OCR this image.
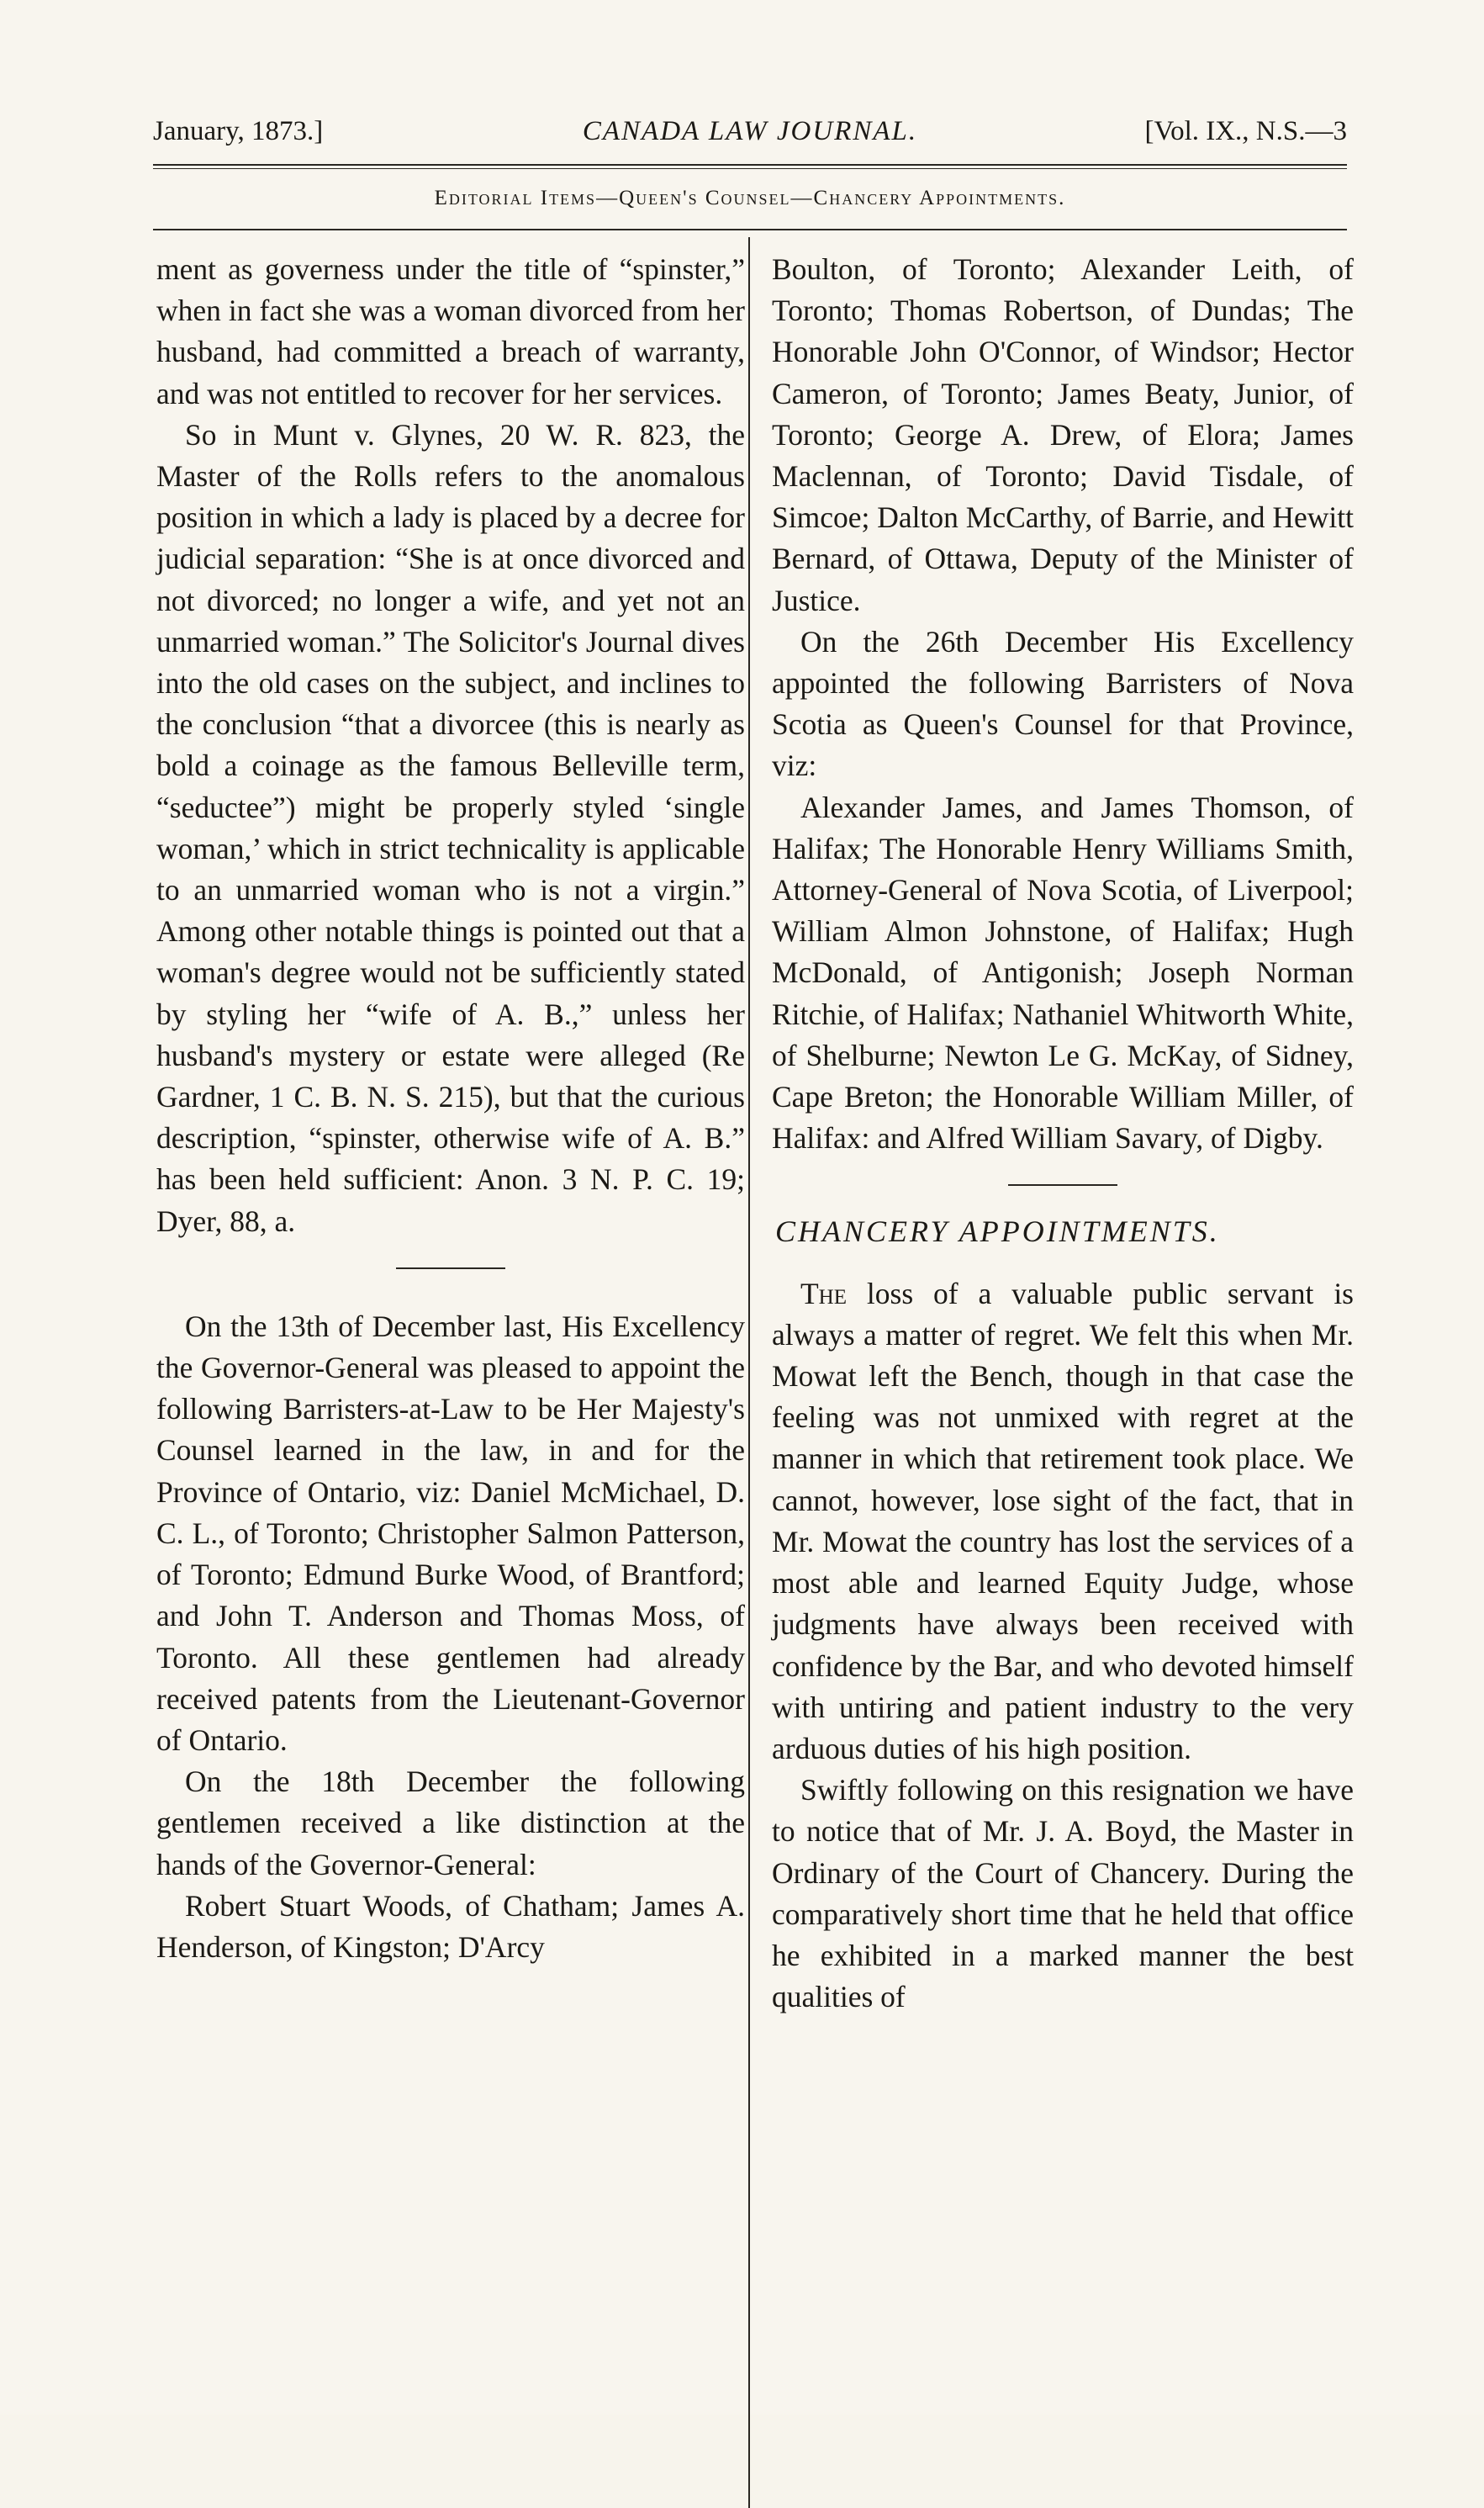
January, 1873.]	CANADA LAW JOURNAL.	[Vol. IX., N.S.—3
Editorial Items—Queen's Counsel—Chancery Appointments.

ment as governess under the title of “spinster,” when in fact she was a woman divorced from her husband, had committed a breach of warranty, and was not entitled to recover for her services.

So in Munt v. Glynes, 20 W. R. 823, the Master of the Rolls refers to the anomalous position in which a lady is placed by a decree for judicial separation: “She is at once divorced and not divorced; no longer a wife, and yet not an unmarried woman.” The Solicitor's Journal dives into the old cases on the subject, and inclines to the conclusion “that a divorcee (this is nearly as bold a coinage as the famous Belleville term, “seductee”) might be properly styled ‘single woman,’ which in strict technicality is applicable to an unmarried woman who is not a virgin.” Among other notable things is pointed out that a woman's degree would not be sufficiently stated by styling her “wife of A. B.,” unless her husband's mystery or estate were alleged (Re Gardner, 1 C. B. N. S. 215), but that the curious description, “spinster, otherwise wife of A. B.” has been held sufficient: Anon. 3 N. P. C. 19; Dyer, 88, a.

On the 13th of December last, His Excellency the Governor-General was pleased to appoint the following Barristers-at-Law to be Her Majesty's Counsel learned in the law, in and for the Province of Ontario, viz: Daniel McMichael, D. C. L., of Toronto; Christopher Salmon Patterson, of Toronto; Edmund Burke Wood, of Brantford; and John T. Anderson and Thomas Moss, of Toronto. All these gentlemen had already received patents from the Lieutenant-Governor of Ontario.

On the 18th December the following gentlemen received a like distinction at the hands of the Governor-General:

Robert Stuart Woods, of Chatham; James A. Henderson, of Kingston; D'Arcy

Boulton, of Toronto; Alexander Leith, of Toronto; Thomas Robertson, of Dundas; The Honorable John O'Connor, of Windsor; Hector Cameron, of Toronto; James Beaty, Junior, of Toronto; George A. Drew, of Elora; James Maclennan, of Toronto; David Tisdale, of Simcoe; Dalton McCarthy, of Barrie, and Hewitt Bernard, of Ottawa, Deputy of the Minister of Justice.

On the 26th December His Excellency appointed the following Barristers of Nova Scotia as Queen's Counsel for that Province, viz:

Alexander James, and James Thomson, of Halifax; The Honorable Henry Williams Smith, Attorney-General of Nova Scotia, of Liverpool; William Almon Johnstone, of Halifax; Hugh McDonald, of Antigonish; Joseph Norman Ritchie, of Halifax; Nathaniel Whitworth White, of Shelburne; Newton Le G. McKay, of Sidney, Cape Breton; the Honorable William Miller, of Halifax: and Alfred William Savary, of Digby.

CHANCERY APPOINTMENTS.

The loss of a valuable public servant is always a matter of regret. We felt this when Mr. Mowat left the Bench, though in that case the feeling was not unmixed with regret at the manner in which that retirement took place. We cannot, however, lose sight of the fact, that in Mr. Mowat the country has lost the services of a most able and learned Equity Judge, whose judgments have always been received with confidence by the Bar, and who devoted himself with untiring and patient industry to the very arduous duties of his high position.

Swiftly following on this resignation we have to notice that of Mr. J. A. Boyd, the Master in Ordinary of the Court of Chancery. During the comparatively short time that he held that office he exhibited in a marked manner the best qualities of
